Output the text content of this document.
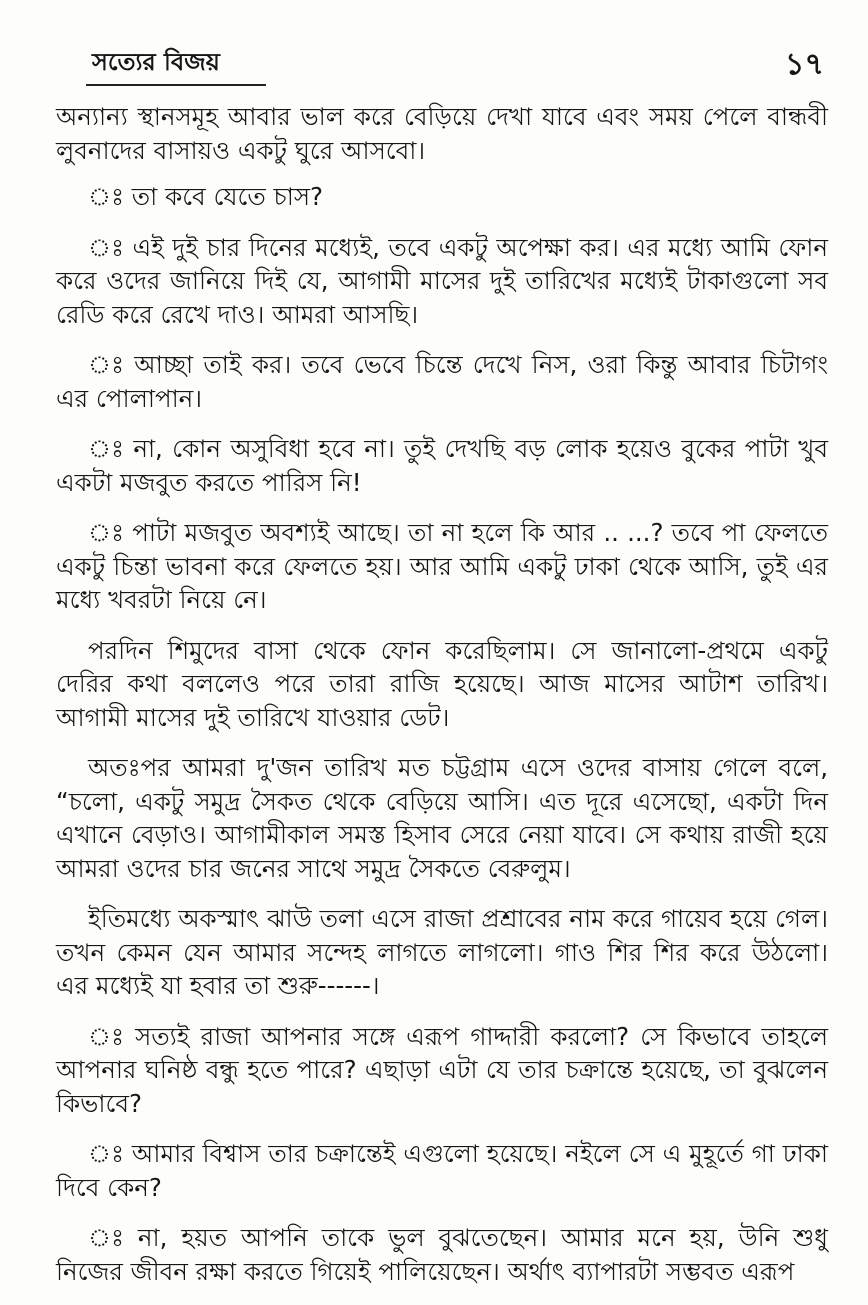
সত্যের বিজয়	১৭

অন্যান্য স্থানসমূহ আবার ভাল করে বেড়িয়ে দেখা যাবে এবং সময় পেলে বান্ধবী লুবনাদের বাসায়ও একটু ঘুরে আসবো।

ঃ তা কবে যেতে চাস?

ঃ এই দুই চার দিনের মধ্যেই, তবে একটু অপেক্ষা কর। এর মধ্যে আমি ফোন করে ওদের জানিয়ে দিই যে, আগামী মাসের দুই তারিখের মধ্যেই টাকাগুলো সব রেডি করে রেখে দাও। আমরা আসছি।

ঃ আচ্ছা তাই কর। তবে ভেবে চিন্তে দেখে নিস, ওরা কিন্তু আবার চিটাগং এর পোলাপান।

ঃ না, কোন অসুবিধা হবে না। তুই দেখছি বড় লোক হয়েও বুকের পাটা খুব একটা মজবুত করতে পারিস নি!

ঃ পাটা মজবুত অবশ্যই আছে। তা না হলে কি আর .. ...? তবে পা ফেলতে একটু চিন্তা ভাবনা করে ফেলতে হয়। আর আমি একটু ঢাকা থেকে আসি, তুই এর মধ্যে খবরটা নিয়ে নে।

পরদিন শিমুদের বাসা থেকে ফোন করেছিলাম। সে জানালো-প্রথমে একটু দেরির কথা বললেও পরে তারা রাজি হয়েছে। আজ মাসের আটাশ তারিখ। আগামী মাসের দুই তারিখে যাওয়ার ডেট।

অতঃপর আমরা দু'জন তারিখ মত চট্টগ্রাম এসে ওদের বাসায় গেলে বলে, “চলো, একটু সমুদ্র সৈকত থেকে বেড়িয়ে আসি। এত দূরে এসেছো, একটা দিন এখানে বেড়াও। আগামীকাল সমস্ত হিসাব সেরে নেয়া যাবে। সে কথায় রাজী হয়ে আমরা ওদের চার জনের সাথে সমুদ্র সৈকতে বেরুলুম।

ইতিমধ্যে অকস্মাৎ ঝাউ তলা এসে রাজা প্রশ্রাবের নাম করে গায়েব হয়ে গেল। তখন কেমন যেন আমার সন্দেহ লাগতে লাগলো। গাও শির শির করে উঠলো। এর মধ্যেই যা হবার তা শুরু------।

ঃ সত্যই রাজা আপনার সঙ্গে এরূপ গাদ্দারী করলো? সে কিভাবে তাহলে আপনার ঘনিষ্ঠ বন্ধু হতে পারে? এছাড়া এটা যে তার চক্রান্তে হয়েছে, তা বুঝলেন কিভাবে?

ঃ আমার বিশ্বাস তার চক্রান্তেই এগুলো হয়েছে। নইলে সে এ মুহূর্তে গা ঢাকা দিবে কেন?

ঃ না, হয়ত আপনি তাকে ভুল বুঝতেছেন। আমার মনে হয়, উনি শুধু নিজের জীবন রক্ষা করতে গিয়েই পালিয়েছেন। অর্থাৎ ব্যাপারটা সম্ভবত এরূপ
